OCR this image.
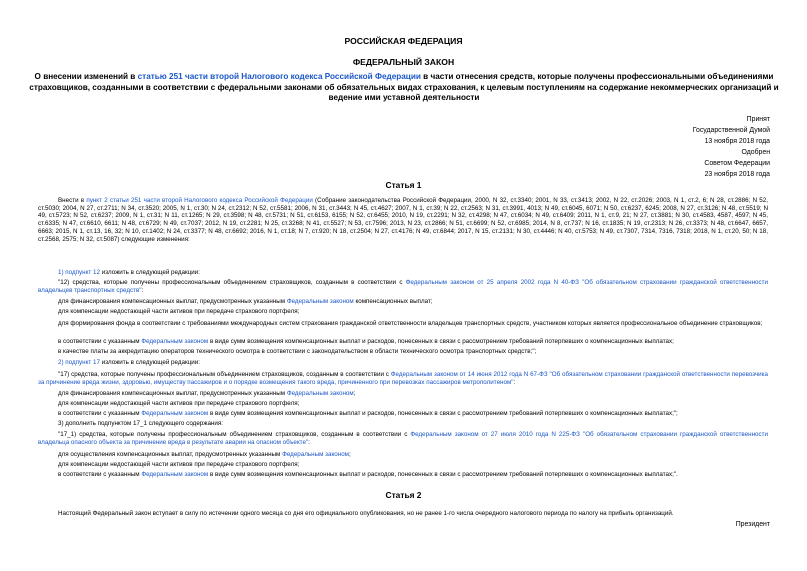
РОССИЙСКАЯ ФЕДЕРАЦИЯ
ФЕДЕРАЛЬНЫЙ ЗАКОН
О внесении изменений в статью 251 части второй Налогового кодекса Российской Федерации в части отнесения средств, которые получены профессиональными объединениями страховщиков, созданными в соответствии с федеральными законами об обязательных видах страхования, к целевым поступлениям на содержание некоммерческих организаций и ведение ими уставной деятельности
Принят
Государственной Думой
13 ноября 2018 года
Одобрен
Советом Федерации
23 ноября 2018 года
Статья 1
Внести в пункт 2 статьи 251 части второй Налогового кодекса Российской Федерации (Собрание законодательства Российской Федерации, 2000, N 32, ст.3340; 2001, N 33, ст.3413; 2002, N 22, ст.2026; 2003, N 1, ст.2, 6; N 28, ст.2886; N 52, ст.5030; 2004, N 27, ст.2711; N 34, ст.3520; 2005, N 1, ст.30; N 24, ст.2312; N 52, ст.5581; 2006, N 31, ст.3443; N 45, ст.4627; 2007, N 1, ст.39; N 22, ст.2563; N 31, ст.3991, 4013; N 49, ст.6045, 6071; N 50, ст.6237, 6245; 2008, N 27, ст.3126; N 48, ст.5519; N 49, ст.5723; N 52, ст.6237; 2009, N 1, ст.31; N 11, ст.1265; N 29, ст.3598; N 48, ст.5731; N 51, ст.6153, 6155; N 52, ст.6455; 2010, N 19, ст.2291; N 32, ст.4298; N 47, ст.6034; N 49, ст.6409; 2011, N 1, ст.9, 21; N 27, ст.3881; N 30, ст.4583, 4587, 4597; N 45, ст.6335; N 47, ст.6610, 6611; N 48, ст.6729; N 49, ст.7037; 2012, N 19, ст.2281; N 25, ст.3268; N 41, ст.5527; N 53, ст.7596; 2013, N 23, ст.2866; N 51, ст.6699; N 52, ст.6985; 2014, N 8, ст.737; N 16, ст.1835; N 19, ст.2313; N 26, ст.3373; N 48, ст.6647, 6657, 6663; 2015, N 1, ст.13, 16, 32; N 10, ст.1402; N 24, ст.3377; N 48, ст.6692; 2016, N 1, ст.18; N 7, ст.920; N 18, ст.2504; N 27, ст.4176; N 49, ст.6844; 2017, N 15, ст.2131; N 30, ст.4446; N 40, ст.5753; N 49, ст.7307, 7314, 7316, 7318; 2018, N 1, ст.20, 50; N 18, ст.2568, 2575; N 32, ст.5087) следующие изменения:
1) подпункт 12 изложить в следующей редакции:
"12) средства, которые получены профессиональным объединением страховщиков, созданным в соответствии с Федеральным законом от 25 апреля 2002 года N 40-ФЗ "Об обязательном страховании гражданской ответственности владельцев транспортных средств":
для финансирования компенсационных выплат, предусмотренных указанным Федеральным законом компенсационных выплат;
для компенсации недостающей части активов при передаче страхового портфеля;
для формирования фонда в соответствии с требованиями международных систем страхования гражданской ответственности владельцев транспортных средств, участником которых является профессиональное объединение страховщиков;
в соответствии с указанным Федеральным законом в виде сумм возмещения компенсационных выплат и расходов, понесенных в связи с рассмотрением требований потерпевших о компенсационных выплатах;
в качестве платы за аккредитацию операторов технического осмотра в соответствии с законодательством в области технического осмотра транспортных средств;";
2) подпункт 17 изложить в следующей редакции:
"17) средства, которые получены профессиональным объединением страховщиков, созданным в соответствии с Федеральным законом от 14 июня 2012 года N 67-ФЗ "Об обязательном страховании гражданской ответственности перевозчика за причинение вреда жизни, здоровью, имуществу пассажиров и о порядке возмещения такого вреда, причиненного при перевозках пассажиров метрополитеном":
для финансирования компенсационных выплат, предусмотренных указанным Федеральным законом;
для компенсации недостающей части активов при передаче страхового портфеля;
в соответствии с указанным Федеральным законом в виде сумм возмещения компенсационных выплат и расходов, понесенных в связи с рассмотрением требований потерпевших о компенсационных выплатах;";
3) дополнить подпунктом 17_1 следующего содержания:
"17_1) средства, которые получены профессиональным объединением страховщиков, созданным в соответствии с Федеральным законом от 27 июля 2010 года N 225-ФЗ "Об обязательном страховании гражданской ответственности владельца опасного объекта за причинение вреда в результате аварии на опасном объекте":
для осуществления компенсационных выплат, предусмотренных указанным Федеральным законом;
для компенсации недостающей части активов при передаче страхового портфеля;
в соответствии с указанным Федеральным законом в виде сумм возмещения компенсационных выплат и расходов, понесенных в связи с рассмотрением требований потерпевших о компенсационных выплатах;".
Статья 2
Настоящий Федеральный закон вступает в силу по истечении одного месяца со дня его официального опубликования, но не ранее 1-го числа очередного налогового периода по налогу на прибыль организаций.
Президент
